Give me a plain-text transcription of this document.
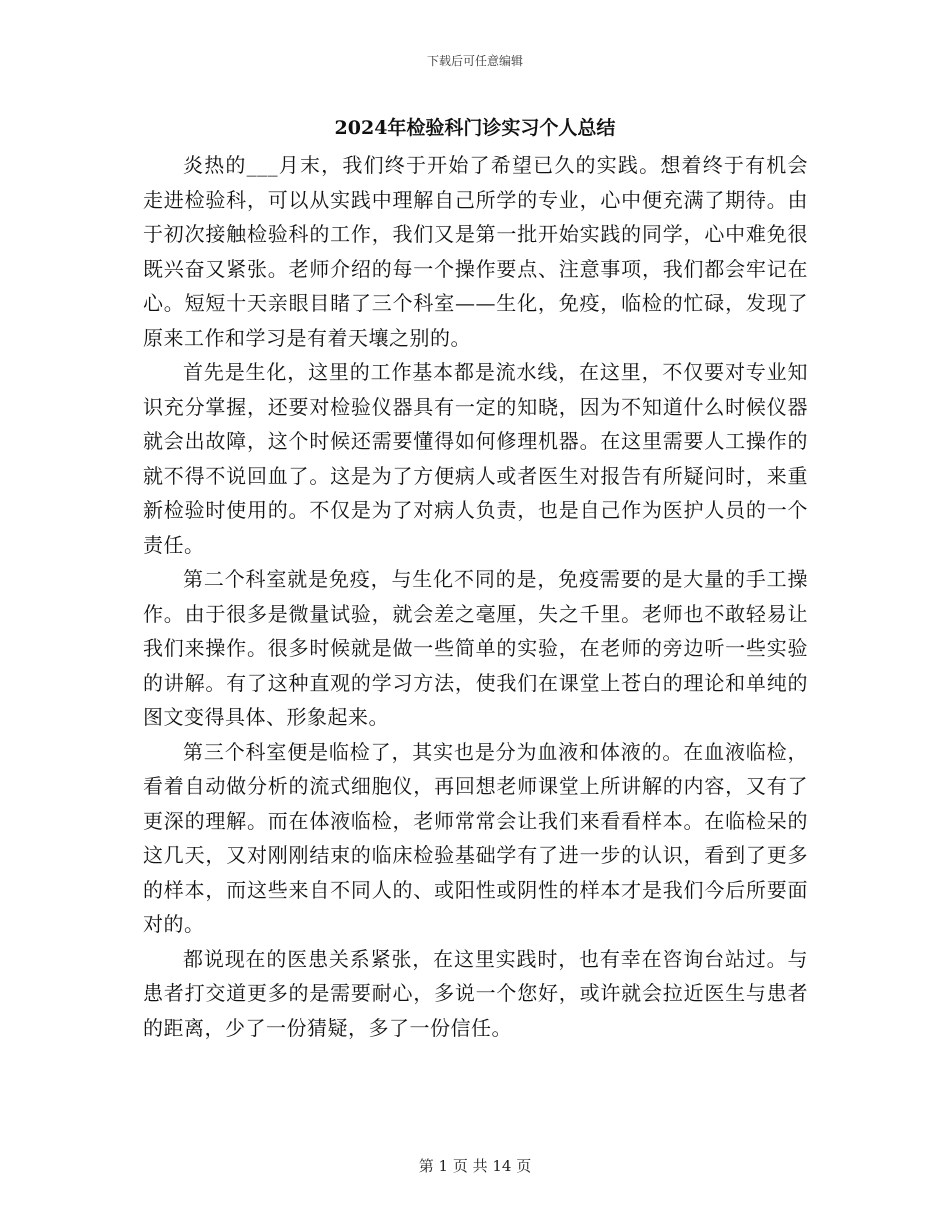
下载后可任意编辑
2024年检验科门诊实习个人总结

炎热的___月末，我们终于开始了希望已久的实践。想着终于有机会走进检验科，可以从实践中理解自己所学的专业，心中便充满了期待。由于初次接触检验科的工作，我们又是第一批开始实践的同学，心中难免很既兴奋又紧张。老师介绍的每一个操作要点、注意事项，我们都会牢记在心。短短十天亲眼目睹了三个科室——生化，免疫，临检的忙碌，发现了原来工作和学习是有着天壤之别的。

首先是生化，这里的工作基本都是流水线，在这里，不仅要对专业知识充分掌握，还要对检验仪器具有一定的知晓，因为不知道什么时候仪器就会出故障，这个时候还需要懂得如何修理机器。在这里需要人工操作的就不得不说回血了。这是为了方便病人或者医生对报告有所疑问时，来重新检验时使用的。不仅是为了对病人负责，也是自己作为医护人员的一个责任。

第二个科室就是免疫，与生化不同的是，免疫需要的是大量的手工操作。由于很多是微量试验，就会差之毫厘，失之千里。老师也不敢轻易让我们来操作。很多时候就是做一些简单的实验，在老师的旁边听一些实验的讲解。有了这种直观的学习方法，使我们在课堂上苍白的理论和单纯的图文变得具体、形象起来。

第三个科室便是临检了，其实也是分为血液和体液的。在血液临检，看着自动做分析的流式细胞仪，再回想老师课堂上所讲解的内容，又有了更深的理解。而在体液临检，老师常常会让我们来看看样本。在临检呆的这几天，又对刚刚结束的临床检验基础学有了进一步的认识，看到了更多的样本，而这些来自不同人的、或阳性或阴性的样本才是我们今后所要面对的。

都说现在的医患关系紧张，在这里实践时，也有幸在咨询台站过。与患者打交道更多的是需要耐心，多说一个您好，或许就会拉近医生与患者的距离，少了一份猜疑，多了一份信任。

第 1 页 共 14 页
